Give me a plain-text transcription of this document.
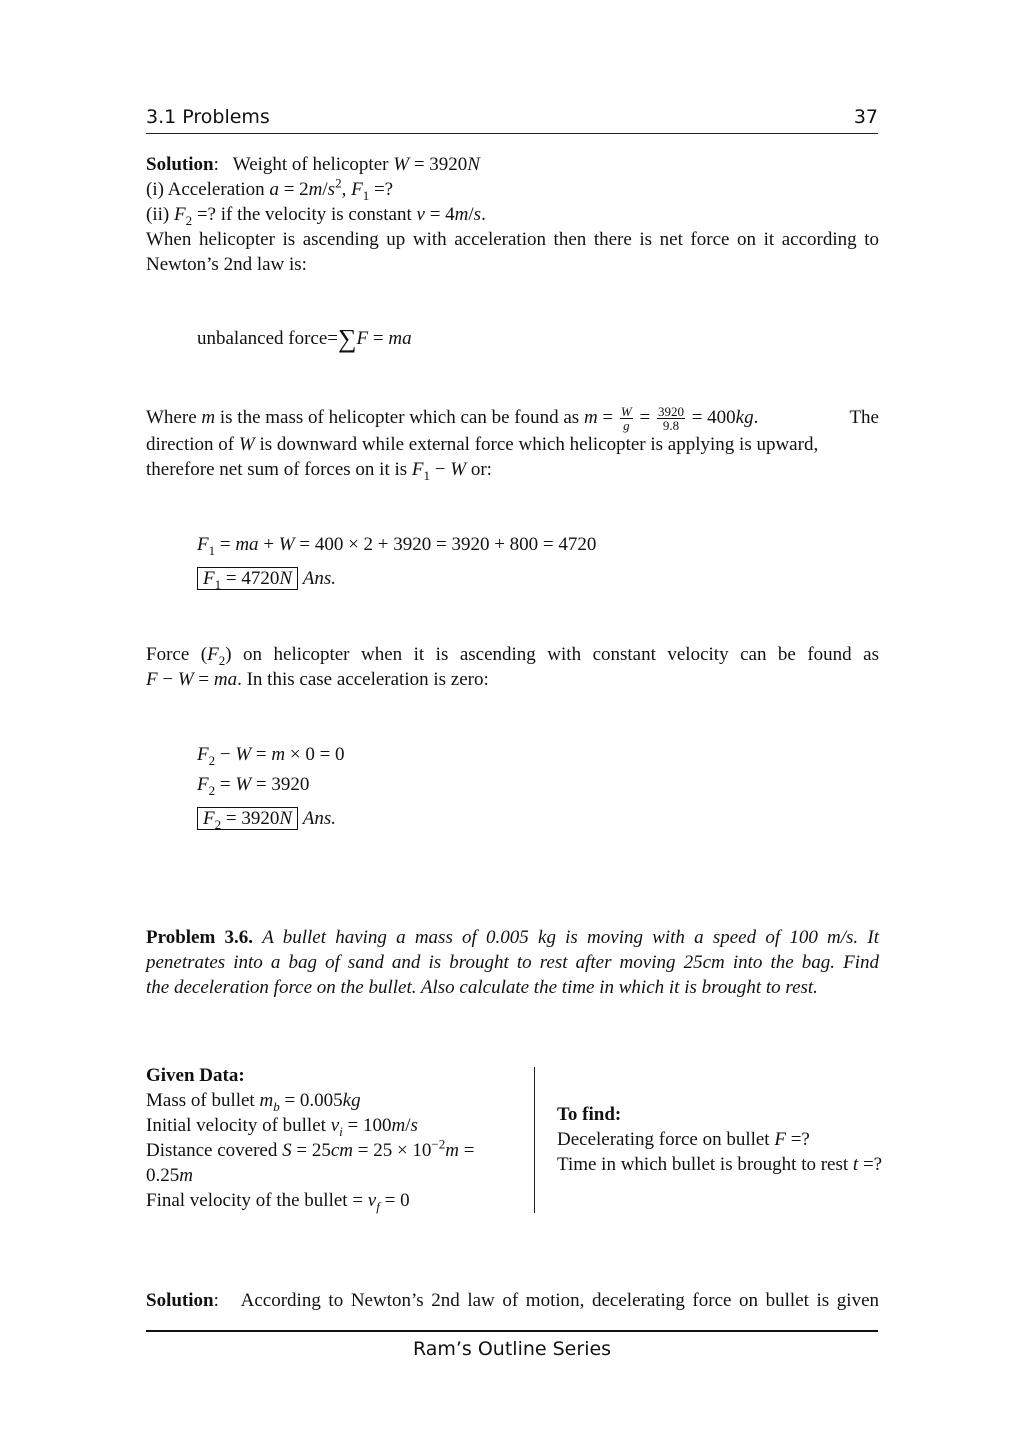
3.1 Problems	37
Solution:   Weight of helicopter W = 3920N
(i) Acceleration $a = 2m/s^2$, $F_1$ =?
(ii) $F_2$ =? if the velocity is constant v = 4m/s.
When helicopter is ascending up with acceleration then there is net force on it according to
Newton’s 2nd law is:
unbalanced force=∑F = ma
Where m is the mass of helicopter which can be found as $m = \frac{W}{g} = \frac{3920}{9.8} = 400kg$.	The
direction of W is downward while external force which helicopter is applying is upward,
therefore net sum of forces on it is $F_1 - W$ or:
$F_1$ = ma + W = 400 × 2 + 3920 = 3920 + 800 = 4720
$F_1 = 4720N$ Ans.
Force $(F_2)$ on helicopter when it is ascending with constant velocity can be found as
F − W = ma. In this case acceleration is zero:
$F_2 - W = m \times 0 = 0$
$F_2 = W = 3920$
$F_2 = 3920N$ Ans.
Problem 3.6. A bullet having a mass of 0.005 kg is moving with a speed of 100 m/s. It
penetrates into a bag of sand and is brought to rest after moving 25cm into the bag. Find
the deceleration force on the bullet. Also calculate the time in which it is brought to rest.
Given Data:
Mass of bullet $m_b = 0.005kg$
Initial velocity of bullet $v_i = 100m/s$
Distance covered $S = 25cm = 25 \times 10^{-2}m$ =
0.25m
Final velocity of the bullet = $v_f = 0$
To find:
Decelerating force on bullet F =?
Time in which bullet is brought to rest t =?
Solution:   According to Newton’s 2nd law of motion, decelerating force on bullet is given
Ram’s Outline Series
